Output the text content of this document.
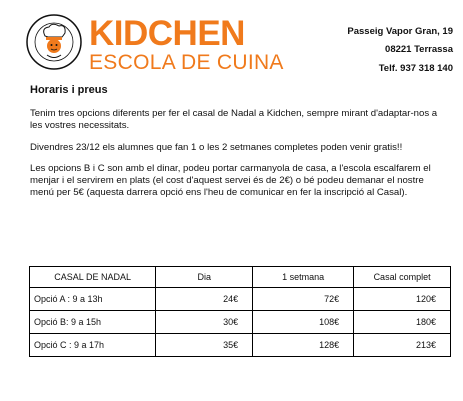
KIDCHEN
ESCOLA DE CUINA
Passeig Vapor Gran, 19
08221 Terrassa
Telf. 937 318 140
Horaris i preus

Tenim tres opcions diferents per fer el casal de Nadal a Kidchen, sempre mirant d'adaptar-nos a les vostres necessitats.

Divendres 23/12 els alumnes que fan 1 o les 2 setmanes completes poden venir gratis!!

Les opcions B i C son amb el dinar, podeu portar carmanyola de casa, a l'escola escalfarem el menjar i el servirem en plats (el cost d'aquest servei és de 2€) o bé podeu demanar el nostre menú per 5€ (aquesta darrera opció ens l'heu de comunicar en fer la inscripció al Casal).

CASAL DE NADAL	Dia	1 setmana	Casal complet
Opció A : 9 a 13h	24€	72€	120€
Opció B: 9 a 15h	30€	108€	180€
Opció C : 9 a 17h	35€	128€	213€
